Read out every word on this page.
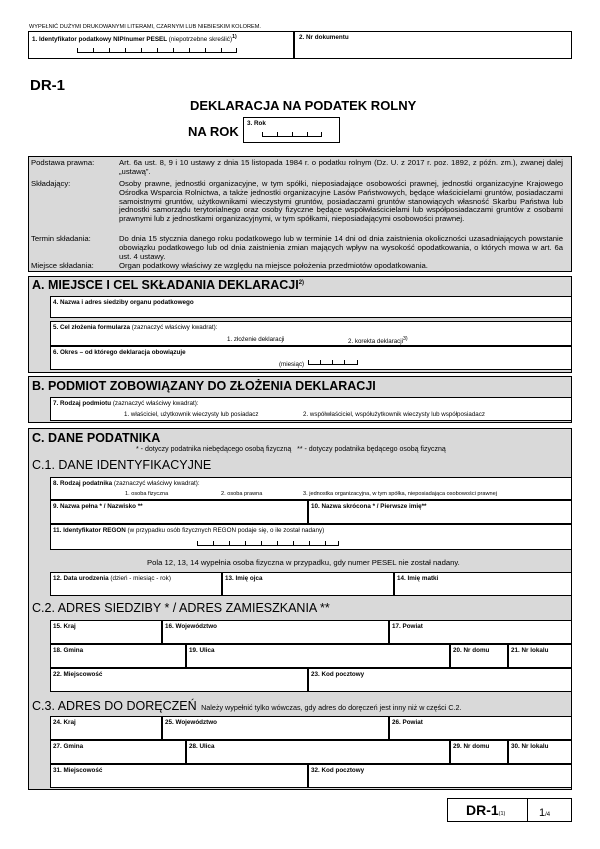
WYPEŁNIĆ DUŻYMI DRUKOWANYMI LITERAMI, CZARNYM LUB NIEBIESKIM KOLOREM.
1. Identyfikator podatkowy NIP/numer PESEL (niepotrzebne skreślić)$^{1)}$	2. Nr dokumentu
DR-1
DEKLARACJA NA PODATEK ROLNY
NA ROK
3. Rok
Podstawa prawna:	Art. 6a ust. 8, 9 i 10 ustawy z dnia 15 listopada 1984 r. o podatku rolnym (Dz. U. z 2017 r. poz. 1892, z późn. zm.), zwanej dalej „ustawą”.
Składający:	Osoby prawne, jednostki organizacyjne, w tym spółki, nieposiadające osobowości prawnej, jednostki organizacyjne Krajowego Ośrodka Wsparcia Rolnictwa, a także jednostki organizacyjne Lasów Państwowych, będące właścicielami gruntów, posiadaczami samoistnymi gruntów, użytkownikami wieczystymi gruntów, posiadaczami gruntów stanowiących własność Skarbu Państwa lub jednostki samorządu terytorialnego oraz osoby fizyczne będące współwłaścicielami lub współposiadaczami gruntów z osobami prawnymi lub z jednostkami organizacyjnymi, w tym spółkami, nieposiadającymi osobowości prawnej.
Termin składania:	Do dnia 15 stycznia danego roku podatkowego lub w terminie 14 dni od dnia zaistnienia okoliczności uzasadniających powstanie obowiązku podatkowego lub od dnia zaistnienia zmian mających wpływ na wysokość opodatkowania, o których mowa w art. 6a ust. 4 ustawy.
Miejsce składania:	Organ podatkowy właściwy ze względu na miejsce położenia przedmiotów opodatkowania.
A. MIEJSCE I CEL SKŁADANIA DEKLARACJI$^{2)}$
4. Nazwa i adres siedziby organu podatkowego
5. Cel złożenia formularza (zaznaczyć właściwy kwadrat):
1. złożenie deklaracji	2. korekta deklaracji$^{3)}$
6. Okres – od którego deklaracja obowiązuje
(miesiąc)
B. PODMIOT ZOBOWIĄZANY DO ZŁOŻENIA DEKLARACJI
7. Rodzaj podmiotu (zaznaczyć właściwy kwadrat):
1. właściciel, użytkownik wieczysty lub posiadacz	2. współwłaściciel, współużytkownik wieczysty lub współposiadacz
C. DANE PODATNIKA
* - dotyczy podatnika niebędącego osobą fizyczną   ** - dotyczy podatnika będącego osobą fizyczną
C.1. DANE IDENTYFIKACYJNE
8. Rodzaj podatnika (zaznaczyć właściwy kwadrat):
1. osoba fizyczna	2. osoba prawna	3. jednostka organizacyjna, w tym spółka, nieposiadająca osobowości prawnej
9. Nazwa pełna * / Nazwisko **	10. Nazwa skrócona * / Pierwsze imię**
11. Identyfikator REGON (w przypadku osób fizycznych REGON podaje się, o ile został nadany)
Pola 12, 13, 14 wypełnia osoba fizyczna w przypadku, gdy numer PESEL nie został nadany.
12. Data urodzenia (dzień - miesiąc - rok)	13. Imię ojca	14. Imię matki
C.2. ADRES SIEDZIBY * / ADRES ZAMIESZKANIA **
15. Kraj	16. Województwo	17. Powiat
18. Gmina	19. Ulica	20. Nr domu	21. Nr lokalu
22. Miejscowość	23. Kod pocztowy
C.3. ADRES DO DORĘCZEŃ Należy wypełnić tylko wówczas, gdy adres do doręczeń jest inny niż w części C.2.
24. Kraj	25. Województwo	26. Powiat
27. Gmina	28. Ulica	29. Nr domu	30. Nr lokalu
31. Miejscowość	32. Kod pocztowy
DR-1(1)	1/4
